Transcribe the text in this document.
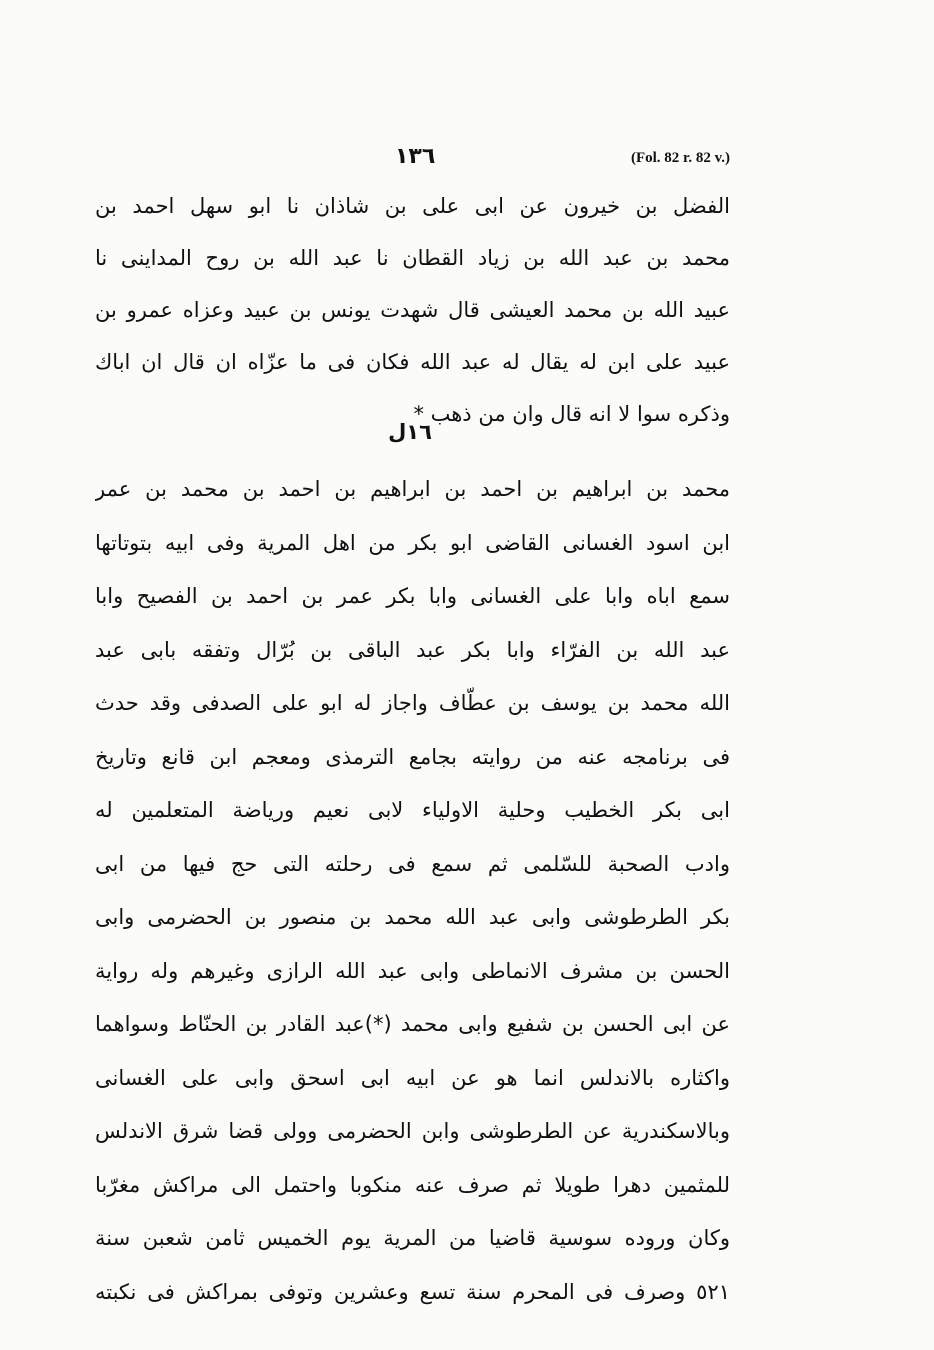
١٣٦	(Fol. 82 r. 82 v.)
الفضل بن خيرون عن ابى على بن شاذان نا ابو سهل احمد بن
محمد بن عبد الله بن زياد القطان نا عبد الله بن روح المداينى نا
عبيد الله بن محمد العيشى قال شهدت يونس بن عبيد وعزاه عمرو بن
عبيد على ابن له يقال له عبد الله فكان فى ما عزّاه ان قال ان اباك
وذكره سوا لا انه قال وان من ذهب *
١٦ل
محمد بن ابراهيم بن احمد بن ابراهيم بن احمد بن محمد بن عمر
ابن اسود الغسانى القاضى ابو بكر من اهل المرية وفى ابيه بتوتاتها
سمع اباه وابا على الغسانى وابا بكر عمر بن احمد بن الفصيح وابا
عبد الله بن الفرّاء وابا بكر عبد الباقى بن بُرّال وتفقه بابى عبد
الله محمد بن يوسف بن عطّاف واجاز له ابو على الصدفى وقد حدث
فى برنامجه عنه من روايته بجامع الترمذى ومعجم ابن قانع وتاريخ
ابى بكر الخطيب وحلية الاولياء لابى نعيم ورياضة المتعلمين له
وادب الصحبة للسّلمى ثم سمع فى رحلته التى حج فيها من ابى
بكر الطرطوشى وابى عبد الله محمد بن منصور بن الحضرمى وابى
الحسن بن مشرف الانماطى وابى عبد الله الرازى وغيرهم وله رواية
عن ابى الحسن بن شفيع وابى محمد (*)عبد القادر بن الحنّاط وسواهما
واكثاره بالاندلس انما هو عن ابيه ابى اسحق وابى على الغسانى
وبالاسكندرية عن الطرطوشى وابن الحضرمى وولى قضا شرق الاندلس
للمثمين دهرا طويلا ثم صرف عنه منكوبا واحتمل الى مراكش مغرّبا
وكان وروده سوسية قاضيا من المرية يوم الخميس ثامن شعبن سنة
٥٢١ وصرف فى المحرم سنة تسع وعشرين وتوفى بمراكش فى نكبته
